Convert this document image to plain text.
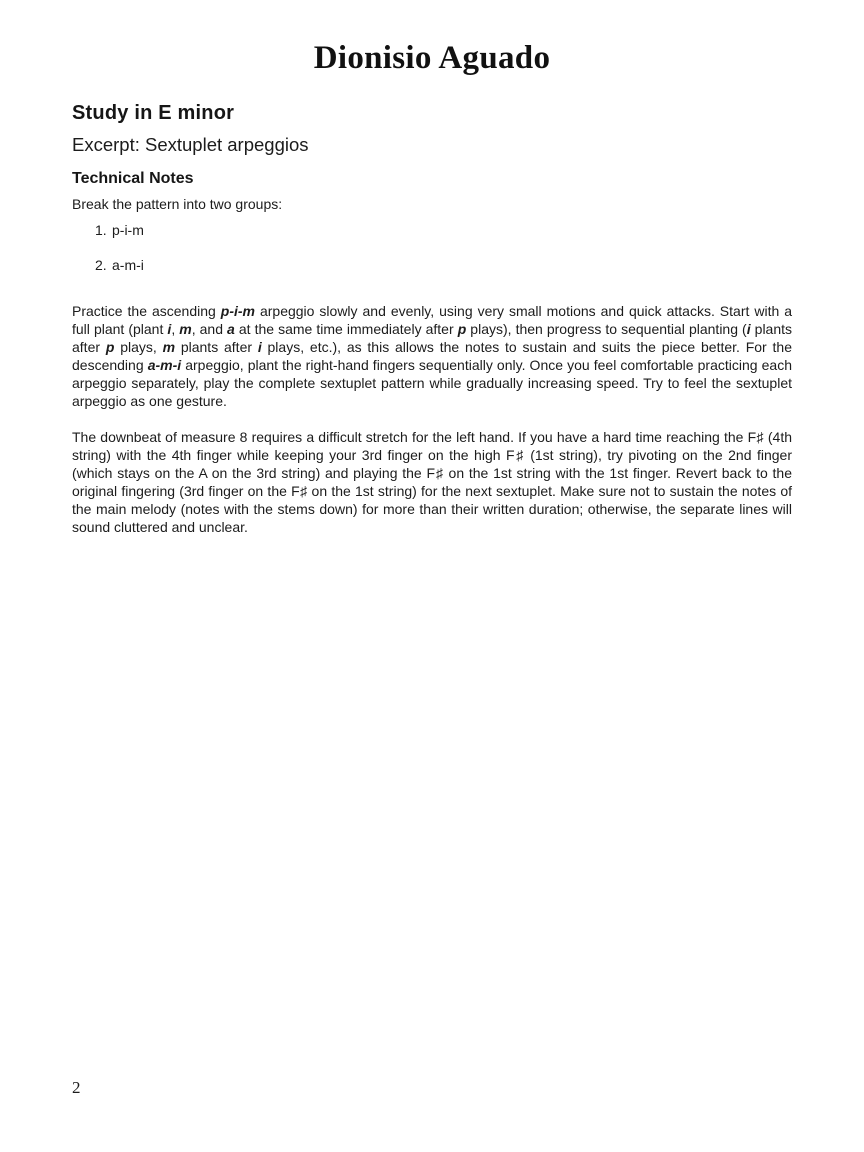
Dionisio Aguado
Study in E minor
Excerpt: Sextuplet arpeggios
Technical Notes

Break the pattern into two groups:

1. p-i-m
2. a-m-i

Practice the ascending p-i-m arpeggio slowly and evenly, using very small motions and quick attacks. Start with a full plant (plant i, m, and a at the same time immediately after p plays), then progress to sequential planting (i plants after p plays, m plants after i plays, etc.), as this allows the notes to sustain and suits the piece better. For the descending a-m-i arpeggio, plant the right-hand fingers sequentially only. Once you feel comfortable practicing each arpeggio separately, play the complete sextuplet pattern while gradually increasing speed. Try to feel the sextuplet arpeggio as one gesture.

The downbeat of measure 8 requires a difficult stretch for the left hand. If you have a hard time reaching the F♯ (4th string) with the 4th finger while keeping your 3rd finger on the high F♯ (1st string), try pivoting on the 2nd finger (which stays on the A on the 3rd string) and playing the F♯ on the 1st string with the 1st finger. Revert back to the original fingering (3rd finger on the F♯ on the 1st string) for the next sextuplet. Make sure not to sustain the notes of the main melody (notes with the stems down) for more than their written duration; otherwise, the separate lines will sound cluttered and unclear.

2
